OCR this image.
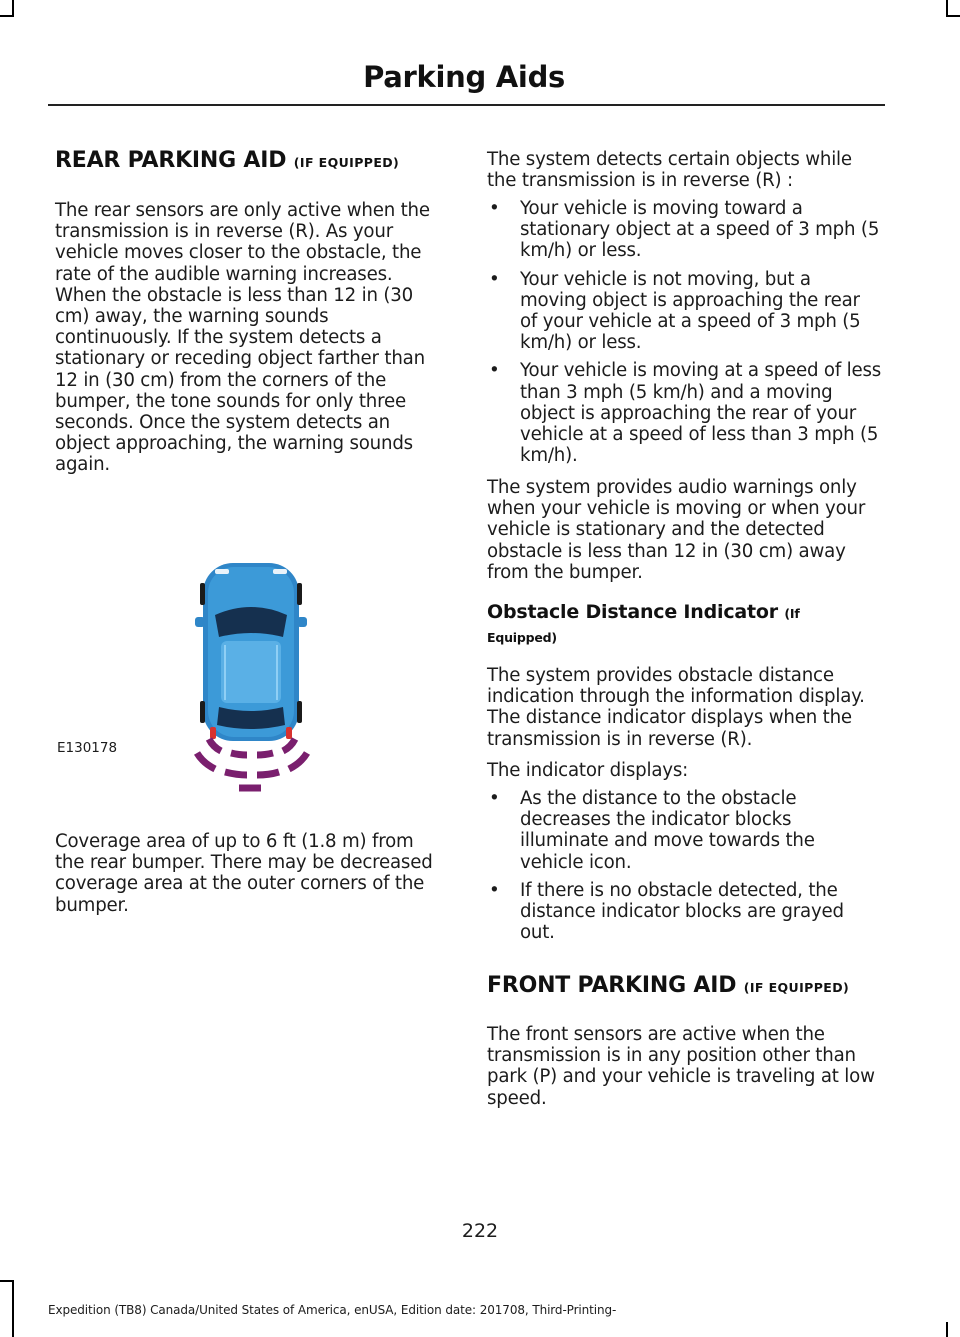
Parking Aids
REAR PARKING AID (IF EQUIPPED)

The rear sensors are only active when the transmission is in reverse (R). As your vehicle moves closer to the obstacle, the rate of the audible warning increases. When the obstacle is less than 12 in (30 cm) away, the warning sounds continuously. If the system detects a stationary or receding object farther than 12 in (30 cm) from the corners of the bumper, the tone sounds for only three seconds. Once the system detects an object approaching, the warning sounds again.

Coverage area of up to 6 ft (1.8 m) from the rear bumper. There may be decreased coverage area at the outer corners of the bumper.

E130178

The system detects certain objects while the transmission is in reverse (R) :

• Your vehicle is moving toward a stationary object at a speed of 3 mph (5 km/h) or less.
• Your vehicle is not moving, but a moving object is approaching the rear of your vehicle at a speed of 3 mph (5 km/h) or less.
• Your vehicle is moving at a speed of less than 3 mph (5 km/h) and a moving object is approaching the rear of your vehicle at a speed of less than 3 mph (5 km/h).

The system provides audio warnings only when your vehicle is moving or when your vehicle is stationary and the detected obstacle is less than 12 in (30 cm) away from the bumper.

Obstacle Distance Indicator (If
$^{Equipped)}$

The system provides obstacle distance indication through the information display. The distance indicator displays when the transmission is in reverse (R).

The indicator displays:

• As the distance to the obstacle decreases the indicator blocks illuminate and move towards the vehicle icon.
• If there is no obstacle detected, the distance indicator blocks are grayed out.
FRONT PARKING AID (IF EQUIPPED)

The front sensors are active when the transmission is in any position other than park (P) and your vehicle is traveling at low speed.

222
Expedition (TB8) Canada/United States of America, enUSA, Edition date: 201708, Third-Printing-
